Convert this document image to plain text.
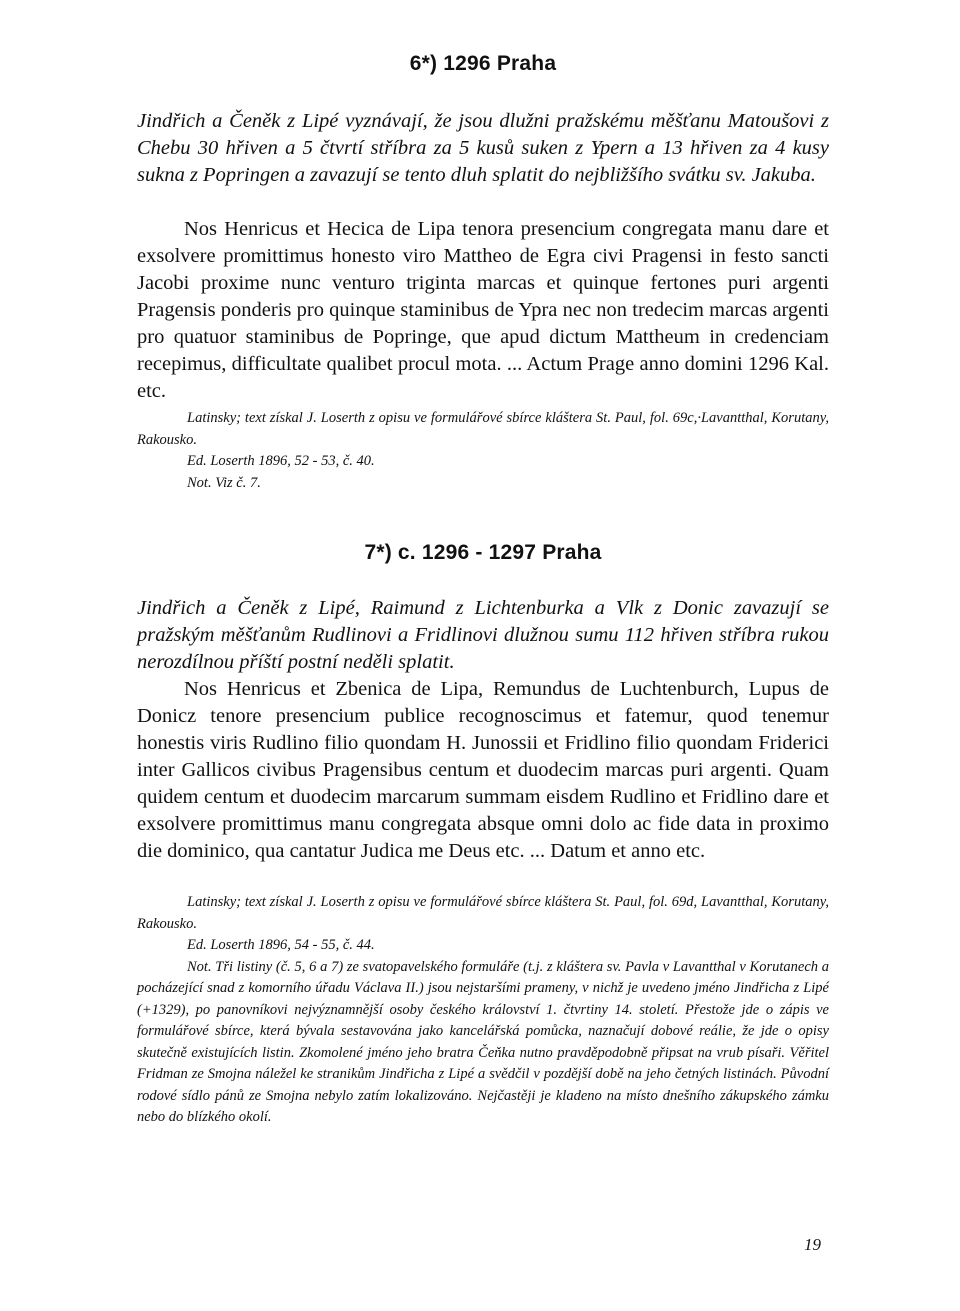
6*) 1296 Praha
Jindřich a Čeněk z Lipé vyznávají, že jsou dlužni pražskému měšťanu Matoušovi z Chebu 30 hřiven a 5 čtvrtí stříbra za 5 kusů suken z Ypern a 13 hřiven za 4 kusy sukna z Popringen a zavazují se tento dluh splatit do nejbližšího svátku sv. Jakuba.
Nos Henricus et Hecica de Lipa tenora presencium congregata manu dare et exsolvere promittimus honesto viro Mattheo de Egra civi Pragensi in festo sancti Jacobi proxime nunc venturo triginta marcas et quinque fertones puri argenti Pragensis ponderis pro quinque staminibus de Ypra nec non tredecim marcas argenti pro quatuor staminibus de Popringe, que apud dictum Mattheum in credenciam recepimus, difficultate qualibet procul mota. ... Actum Prage anno domini 1296 Kal. etc.

Latinsky; text získal J. Loserth z opisu ve formulářové sbírce kláštera St. Paul, fol. 69c,·Lavantthal, Korutany, Rakousko.

Ed. Loserth 1896, 52 - 53, č. 40.

Not. Viz č. 7.

7*) c. 1296 - 1297 Praha
Jindřich a Čeněk z Lipé, Raimund z Lichtenburka a Vlk z Donic zavazují se pražským měšťanům Rudlinovi a Fridlinovi dlužnou sumu 112 hřiven stříbra rukou nerozdílnou příští postní neděli splatit.
Nos Henricus et Zbenica de Lipa, Remundus de Luchtenburch, Lupus de Donicz tenore presencium publice recognoscimus et fatemur, quod tenemur honestis viris Rudlino filio quondam H. Junossii et Fridlino filio quondam Friderici inter Gallicos civibus Pragensibus centum et duodecim marcas puri argenti. Quam quidem centum et duodecim marcarum summam eisdem Rudlino et Fridlino dare et exsolvere promittimus manu congregata absque omni dolo ac fide data in proximo die dominico, qua cantatur Judica me Deus etc. ... Datum et anno etc.

Latinsky; text získal J. Loserth z opisu ve formulářové sbírce kláštera St. Paul, fol. 69d, Lavantthal, Korutany, Rakousko.

Ed. Loserth 1896, 54 - 55, č. 44.

Not. Tři listiny (č. 5, 6 a 7) ze svatopavelského formuláře (t.j. z kláštera sv. Pavla v Lavantthal v Korutanech a pocházející snad z komorního úřadu Václava II.) jsou nejstaršími prameny, v nichž je uvedeno jméno Jindřicha z Lipé (+1329), po panovníkovi nejvýznamnější osoby českého království 1. čtvrtiny 14. století. Přestože jde o zápis ve formulářové sbírce, která bývala sestavována jako kancelářská pomůcka, naznačují dobové reálie, že jde o opisy skutečně existujících listin. Zkomolené jméno jeho bratra Čeňka nutno pravděpodobně připsat na vrub písaři. Věřitel Fridman ze Smojna náležel ke stranikům Jindřicha z Lipé a svědčil v pozdější době na jeho četných listinách. Původní rodové sídlo pánů ze Smojna nebylo zatím lokalizováno. Nejčastěji je kladeno na místo dnešního zákupského zámku nebo do blízkého okolí.

19
